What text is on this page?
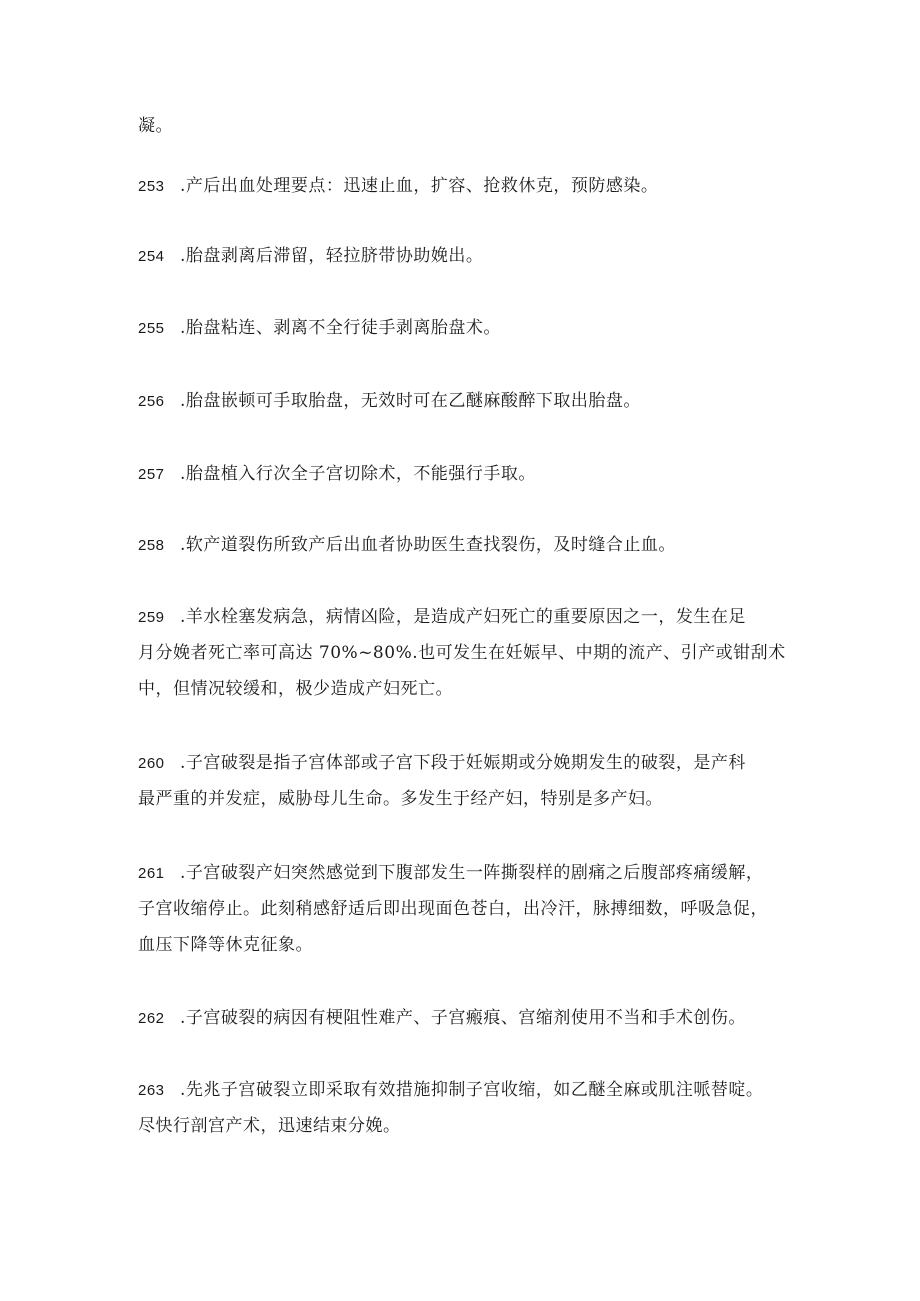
凝。
253 .产后出血处理要点：迅速止血，扩容、抢救休克，预防感染。
254 .胎盘剥离后滞留，轻拉脐带协助娩出。
255 .胎盘粘连、剥离不全行徒手剥离胎盘术。
256 .胎盘嵌顿可手取胎盘，无效时可在乙醚麻酸醉下取出胎盘。
257 .胎盘植入行次全子宫切除术，不能强行手取。
258 .软产道裂伤所致产后出血者协助医生查找裂伤，及时缝合止血。
259 .羊水栓塞发病急，病情凶险，是造成产妇死亡的重要原因之一，发生在足
月分娩者死亡率可高达 70%~80%.也可发生在妊娠早、中期的流产、引产或钳刮术
中，但情况较缓和，极少造成产妇死亡。
260 .子宫破裂是指子宫体部或子宫下段于妊娠期或分娩期发生的破裂，是产科
最严重的并发症，威胁母儿生命。多发生于经产妇，特别是多产妇。
261 .子宫破裂产妇突然感觉到下腹部发生一阵撕裂样的剧痛之后腹部疼痛缓解，
子宫收缩停止。此刻稍感舒适后即出现面色苍白，出冷汗，脉搏细数，呼吸急促，
血压下降等休克征象。
262 .子宫破裂的病因有梗阻性难产、子宫瘢痕、宫缩剂使用不当和手术创伤。
263 .先兆子宫破裂立即采取有效措施抑制子宫收缩，如乙醚全麻或肌注哌替啶。
尽快行剖宫产术，迅速结束分娩。
